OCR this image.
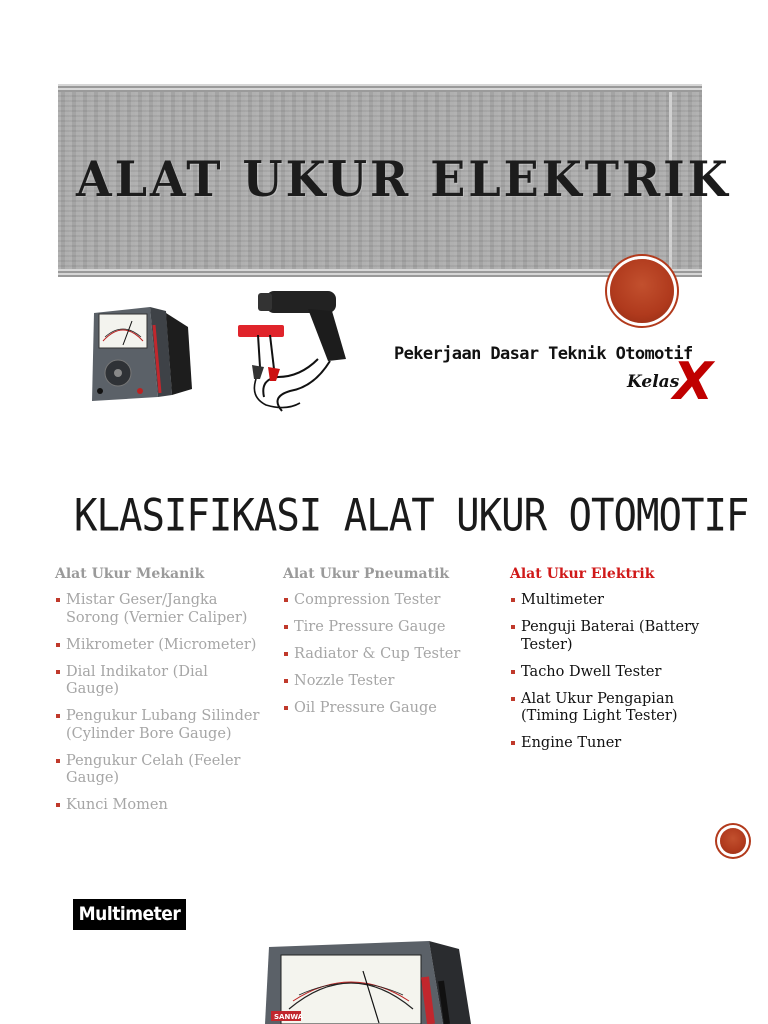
ALAT UKUR ELEKTRIK
Pekerjaan Dasar Teknik Otomotif
Kelas
X
KLASIFIKASI ALAT UKUR OTOMOTIF
Alat Ukur Mekanik
Mistar Geser/Jangka Sorong (Vernier Caliper)
Mikrometer (Micrometer)
Dial Indikator (Dial Gauge)
Pengukur Lubang Silinder (Cylinder Bore Gauge)
Pengukur Celah (Feeler Gauge)
Kunci Momen
Alat Ukur Pneumatik
Compression Tester
Tire Pressure Gauge
Radiator & Cup Tester
Nozzle Tester
Oil Pressure Gauge
Alat Ukur Elektrik
Multimeter
Penguji Baterai (Battery Tester)
Tacho Dwell Tester
Alat Ukur Pengapian (Timing Light Tester)
Engine Tuner
Multimeter
SANWA
